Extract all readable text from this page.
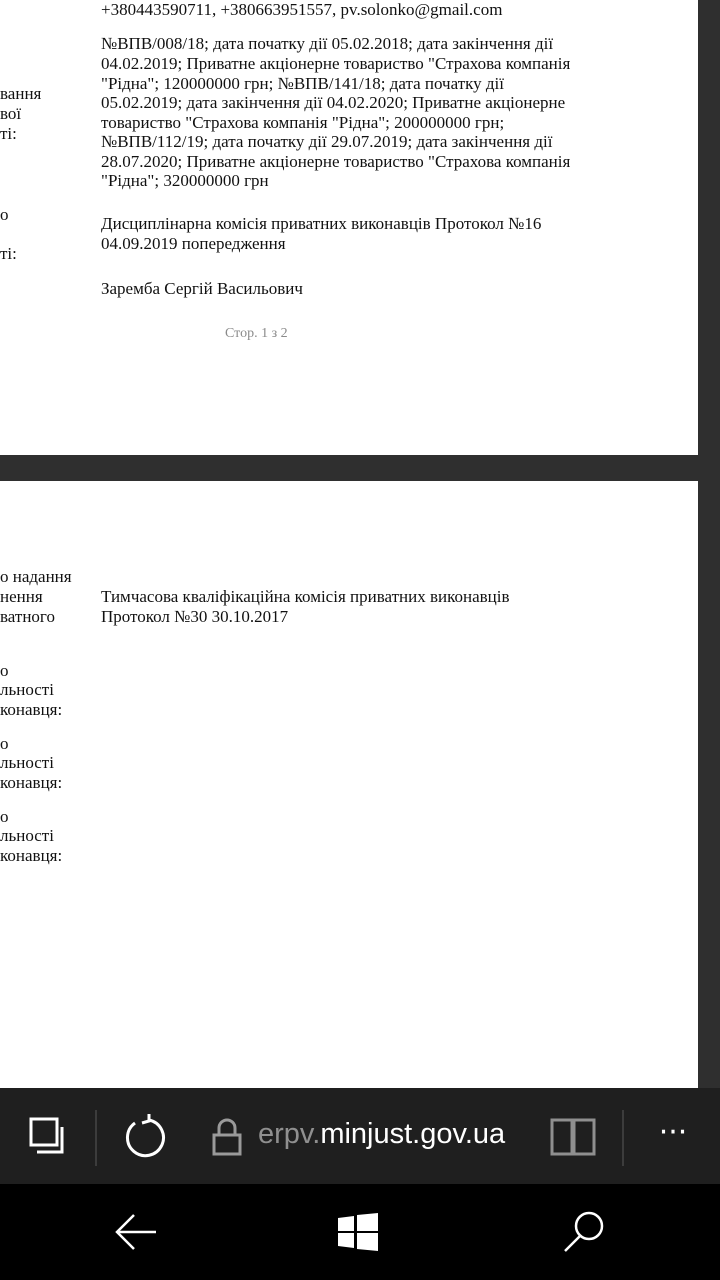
+380443590711, +380663951557, pv.solonko@gmail.com
вання
вої
ті:
о
ті:
№ВПВ/008/18; дата початку дії 05.02.2018; дата закінчення дії
04.02.2019; Приватне акціонерне товариство "Страхова компанія
"Рідна"; 120000000 грн; №ВПВ/141/18; дата початку дії
05.02.2019; дата закінчення дії 04.02.2020; Приватне акціонерне
товариство "Страхова компанія "Рідна"; 200000000 грн;
№ВПВ/112/19; дата початку дії 29.07.2019; дата закінчення дії
28.07.2020; Приватне акціонерне товариство "Страхова компанія
"Рідна"; 320000000 грн
Дисциплінарна комісія приватних виконавців Протокол №16
04.09.2019 попередження
Заремба Сергій Васильович
Стор. 1 з 2
о надання
нення
ватного
о
льності
конавця:
о
льності
конавця:
о
льності
конавця:
Тимчасова кваліфікаційна комісія приватних виконавців
Протокол №30 30.10.2017
erpv.minjust.gov.ua	···
